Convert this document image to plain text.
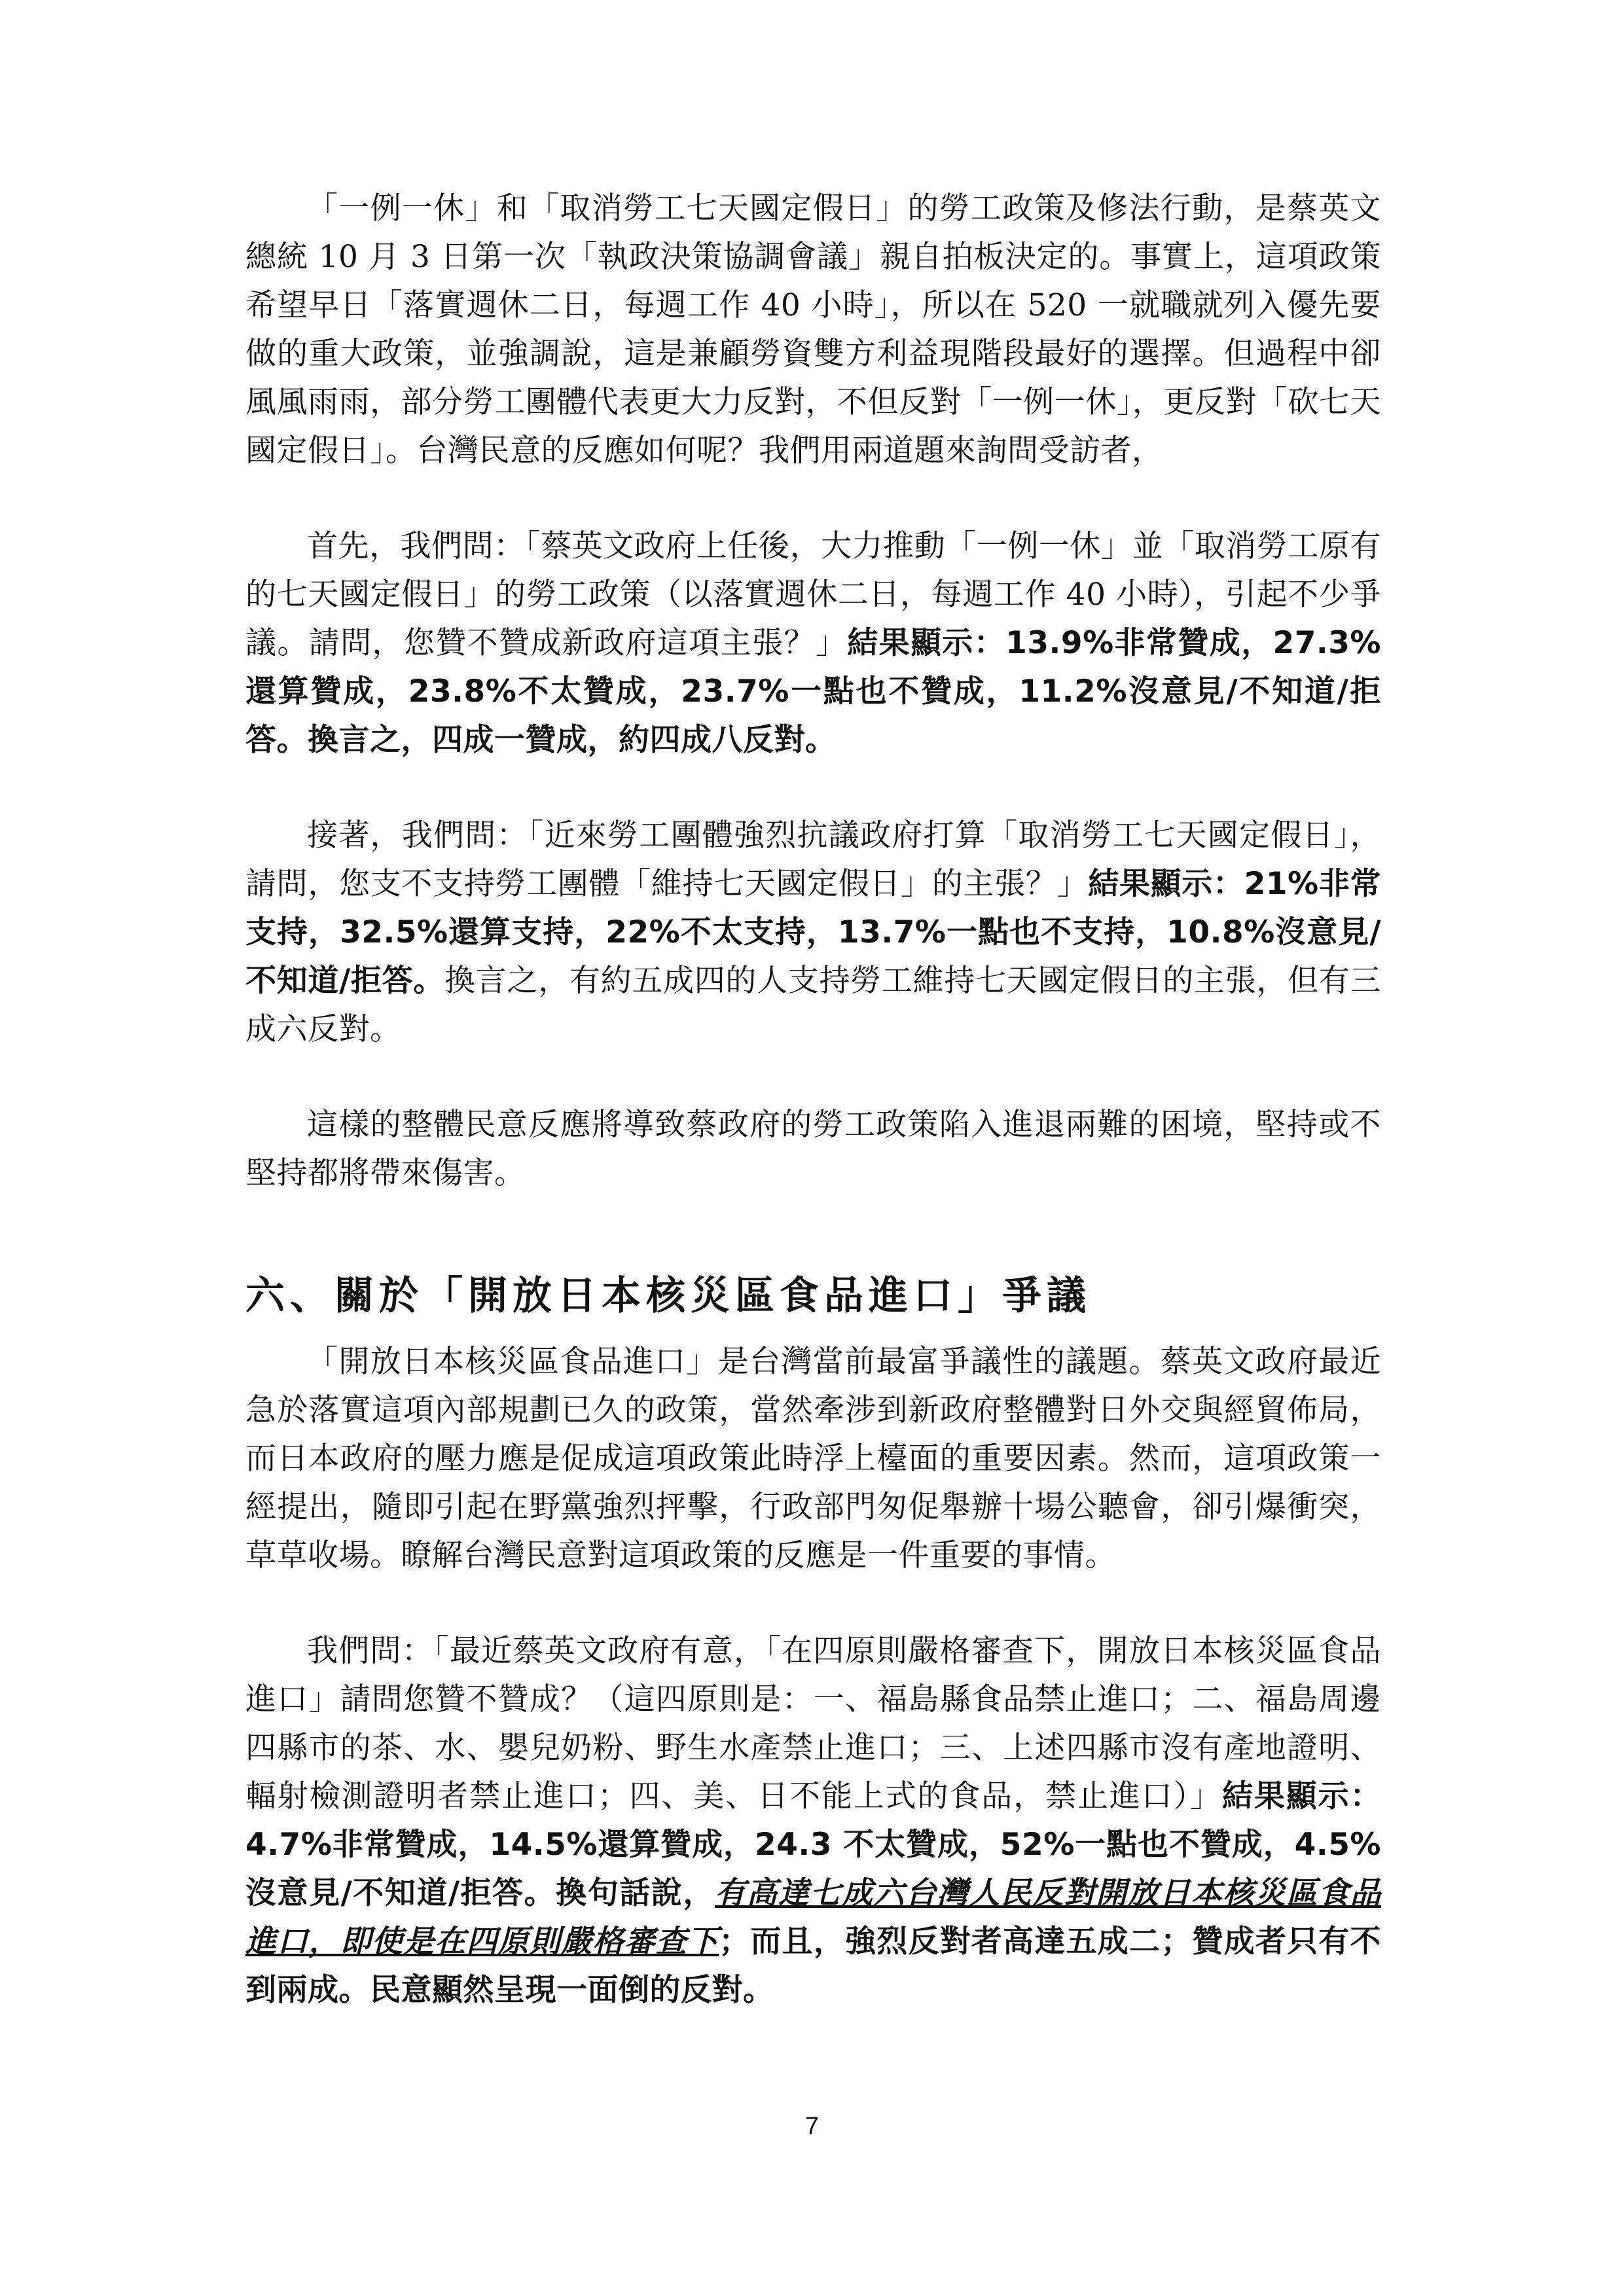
「一例一休」和「取消勞工七天國定假日」的勞工政策及修法行動，是蔡英文總統 10 月 3 日第一次「執政決策協調會議」親自拍板決定的。事實上，這項政策希望早日「落實週休二日，每週工作 40 小時」，所以在 520 一就職就列入優先要做的重大政策，並強調說，這是兼顧勞資雙方利益現階段最好的選擇。但過程中卻風風雨雨，部分勞工團體代表更大力反對，不但反對「一例一休」，更反對「砍七天國定假日」。台灣民意的反應如何呢？我們用兩道題來詢問受訪者，

首先，我們問：「蔡英文政府上任後，大力推動「一例一休」並「取消勞工原有的七天國定假日」的勞工政策（以落實週休二日，每週工作 40 小時），引起不少爭議。請問，您贊不贊成新政府這項主張？」結果顯示：13.9%非常贊成，27.3%還算贊成，23.8%不太贊成，23.7%一點也不贊成，11.2%沒意見/不知道/拒答。換言之，四成一贊成，約四成八反對。

接著，我們問：「近來勞工團體強烈抗議政府打算「取消勞工七天國定假日」，請問，您支不支持勞工團體「維持七天國定假日」的主張？」結果顯示：21%非常支持，32.5%還算支持，22%不太支持，13.7%一點也不支持，10.8%沒意見/不知道/拒答。換言之，有約五成四的人支持勞工維持七天國定假日的主張，但有三成六反對。

這樣的整體民意反應將導致蔡政府的勞工政策陷入進退兩難的困境，堅持或不堅持都將帶來傷害。

六、關於「開放日本核災區食品進口」爭議

「開放日本核災區食品進口」是台灣當前最富爭議性的議題。蔡英文政府最近急於落實這項內部規劃已久的政策，當然牽涉到新政府整體對日外交與經貿佈局，而日本政府的壓力應是促成這項政策此時浮上檯面的重要因素。然而，這項政策一經提出，隨即引起在野黨強烈抨擊，行政部門匆促舉辦十場公聽會，卻引爆衝突，草草收場。瞭解台灣民意對這項政策的反應是一件重要的事情。

我們問：「最近蔡英文政府有意，「在四原則嚴格審查下，開放日本核災區食品進口」請問您贊不贊成？（這四原則是：一、福島縣食品禁止進口；二、福島周邊四縣市的茶、水、嬰兒奶粉、野生水產禁止進口；三、上述四縣市沒有產地證明、輻射檢測證明者禁止進口；四、美、日不能上式的食品，禁止進口）」結果顯示：4.7%非常贊成，14.5%還算贊成，24.3 不太贊成，52%一點也不贊成，4.5%沒意見/不知道/拒答。換句話說，有高達七成六台灣人民反對開放日本核災區食品進口，即使是在四原則嚴格審查下；而且，強烈反對者高達五成二；贊成者只有不到兩成。民意顯然呈現一面倒的反對。

7
